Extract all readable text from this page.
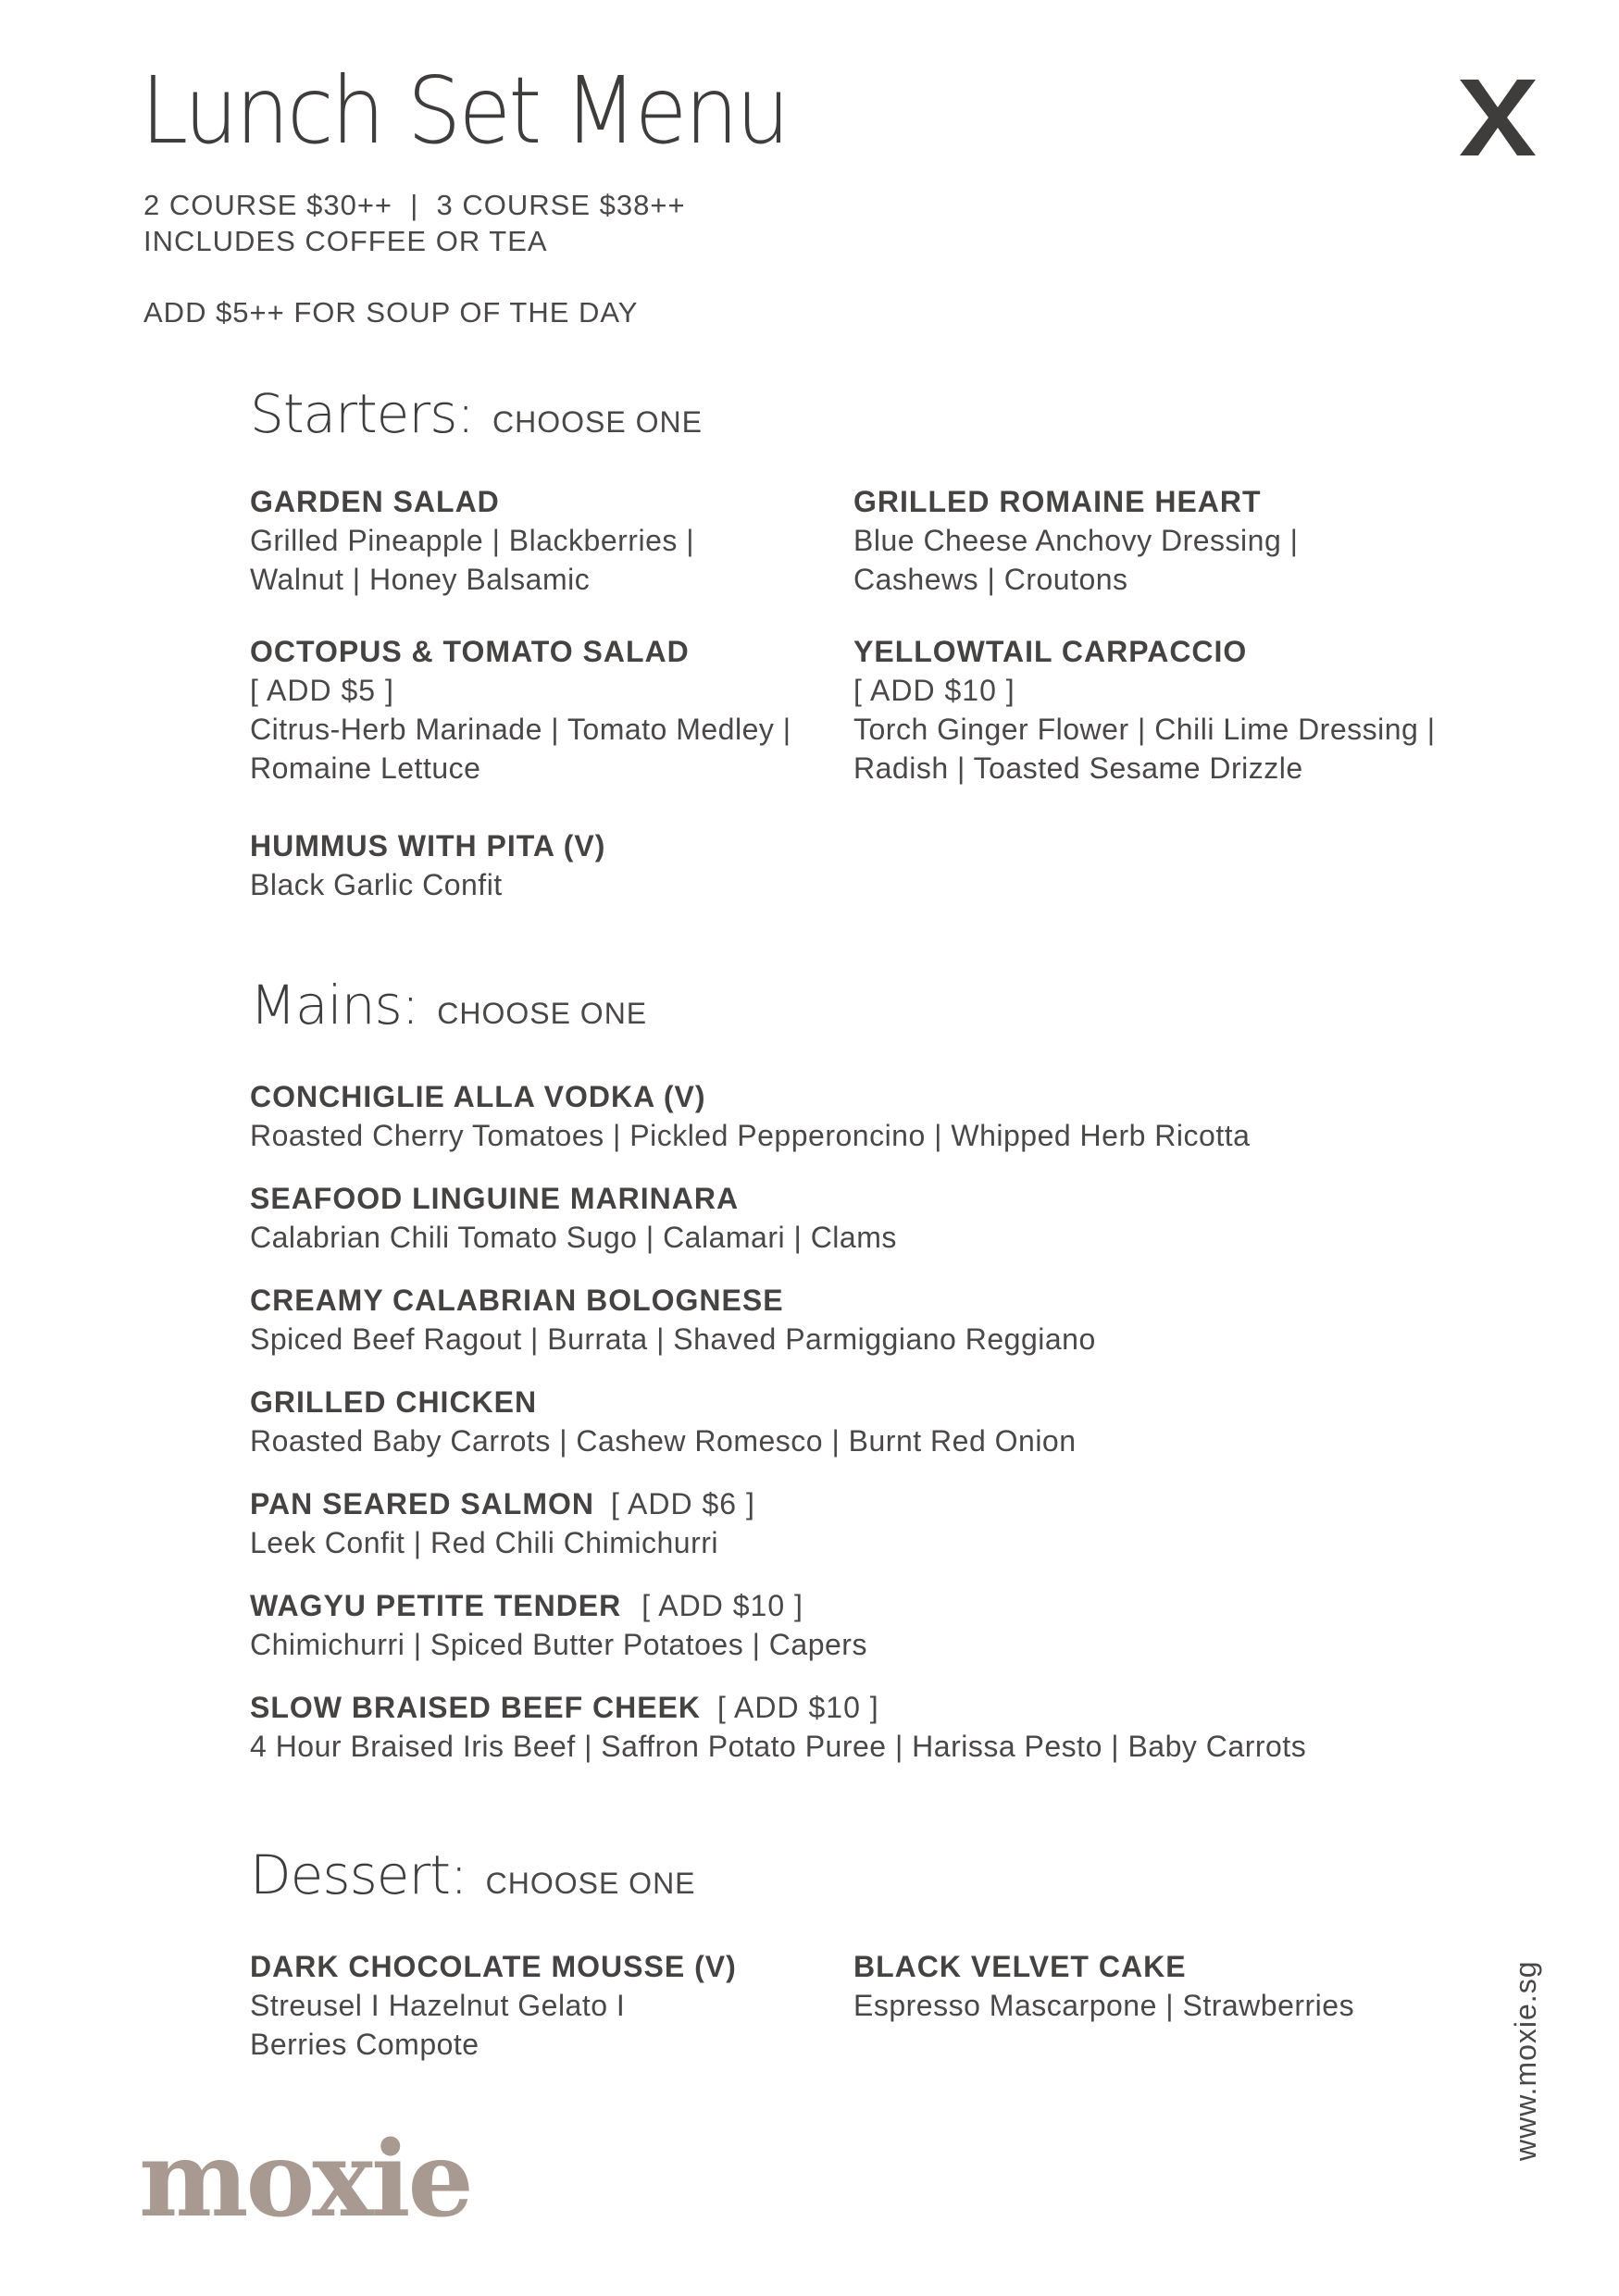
Lunch Set Menu
2 COURSE $30++  |  3 COURSE $38++
INCLUDES COFFEE OR TEA
ADD $5++ FOR SOUP OF THE DAY
Starters: CHOOSE ONE
GARDEN SALAD
Grilled Pineapple | Blackberries |
Walnut | Honey Balsamic
GRILLED ROMAINE HEART
Blue Cheese Anchovy Dressing |
Cashews | Croutons
OCTOPUS & TOMATO SALAD
[ ADD $5 ]
Citrus-Herb Marinade | Tomato Medley |
Romaine Lettuce
YELLOWTAIL CARPACCIO
[ ADD $10 ]
Torch Ginger Flower | Chili Lime Dressing |
Radish | Toasted Sesame Drizzle
HUMMUS WITH PITA (V)
Black Garlic Confit
Mains: CHOOSE ONE
CONCHIGLIE ALLA VODKA (V)
Roasted Cherry Tomatoes | Pickled Pepperoncino | Whipped Herb Ricotta
SEAFOOD LINGUINE MARINARA
Calabrian Chili Tomato Sugo | Calamari | Clams
CREAMY CALABRIAN BOLOGNESE
Spiced Beef Ragout | Burrata | Shaved Parmiggiano Reggiano
GRILLED CHICKEN
Roasted Baby Carrots | Cashew Romesco | Burnt Red Onion
PAN SEARED SALMON [ ADD $6 ]
Leek Confit | Red Chili Chimichurri
WAGYU PETITE TENDER [ ADD $10 ]
Chimichurri | Spiced Butter Potatoes | Capers
SLOW BRAISED BEEF CHEEK [ ADD $10 ]
4 Hour Braised Iris Beef | Saffron Potato Puree | Harissa Pesto | Baby Carrots
Dessert: CHOOSE ONE
DARK CHOCOLATE MOUSSE (V)
Streusel I Hazelnut Gelato I
Berries Compote
BLACK VELVET CAKE
Espresso Mascarpone | Strawberries
moxie
www.moxie.sg
